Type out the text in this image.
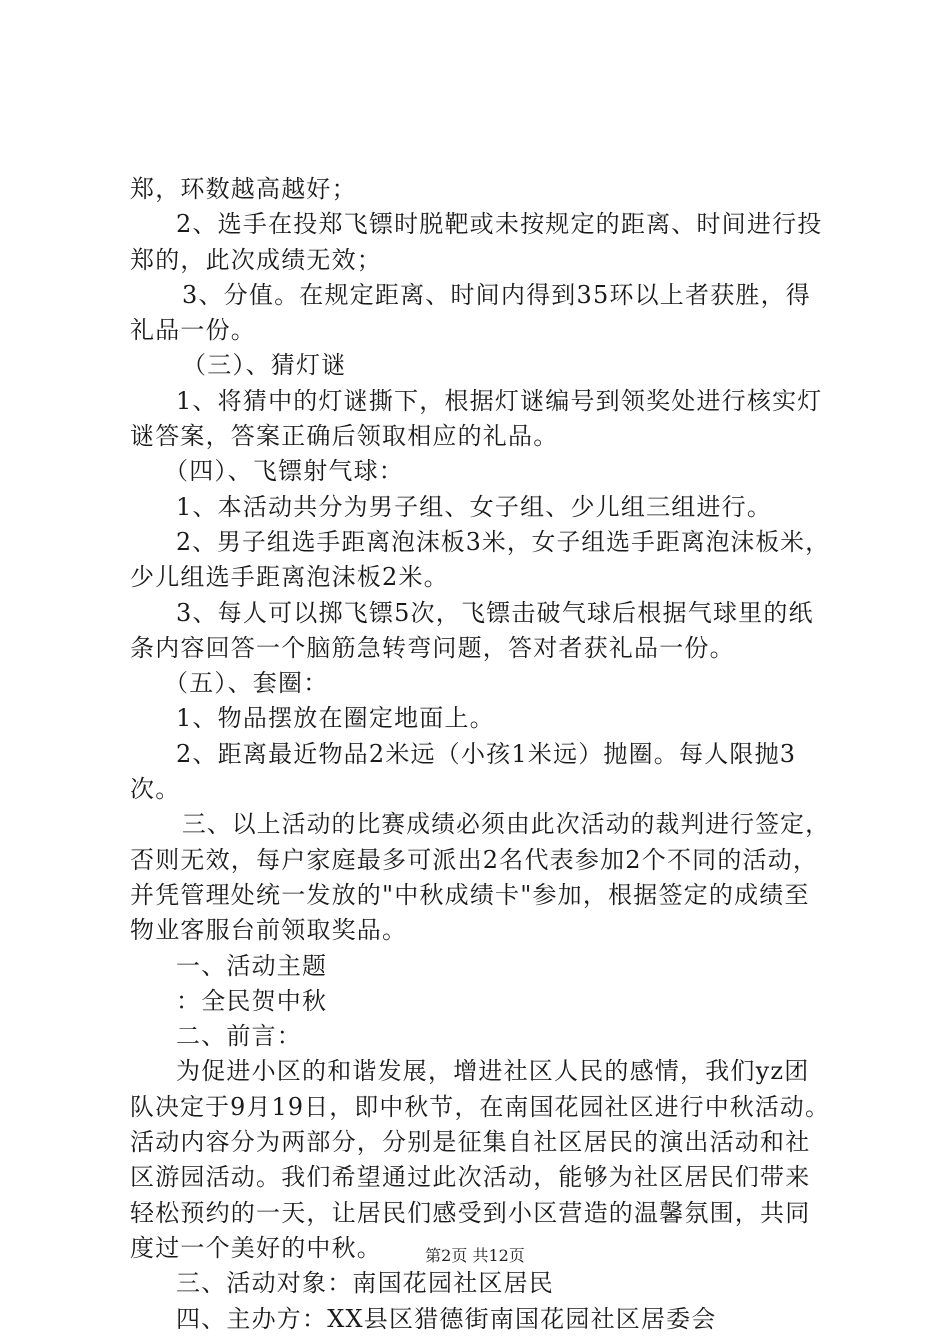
郑，环数越高越好；
2、选手在投郑飞镖时脱靶或未按规定的距离、时间进行投
郑的，此次成绩无效；
3、分值。在规定距离、时间内得到35环以上者获胜，得
礼品一份。
（三）、猜灯谜
1、将猜中的灯谜撕下，根据灯谜编号到领奖处进行核实灯
谜答案，答案正确后领取相应的礼品。
（四）、飞镖射气球：
1、本活动共分为男子组、女子组、少儿组三组进行。
2、男子组选手距离泡沫板3米，女子组选手距离泡沫板米，
少儿组选手距离泡沫板2米。
3、每人可以掷飞镖5次，飞镖击破气球后根据气球里的纸
条内容回答一个脑筋急转弯问题，答对者获礼品一份。
（五）、套圈：
1、物品摆放在圈定地面上。
2、距离最近物品2米远（小孩1米远）抛圈。每人限抛3
次。
三、以上活动的比赛成绩必须由此次活动的裁判进行签定，
否则无效，每户家庭最多可派出2名代表参加2个不同的活动，
并凭管理处统一发放的"中秋成绩卡"参加，根据签定的成绩至
物业客服台前领取奖品。
一、活动主题
：全民贺中秋
二、前言：
为促进小区的和谐发展，增进社区人民的感情，我们yz团
队决定于9月19日，即中秋节，在南国花园社区进行中秋活动。
活动内容分为两部分，分别是征集自社区居民的演出活动和社
区游园活动。我们希望通过此次活动，能够为社区居民们带来
轻松预约的一天，让居民们感受到小区营造的温馨氛围，共同
度过一个美好的中秋。
三、活动对象：南国花园社区居民
四、主办方：XX县区猎德街南国花园社区居委会
第2页 共12页
